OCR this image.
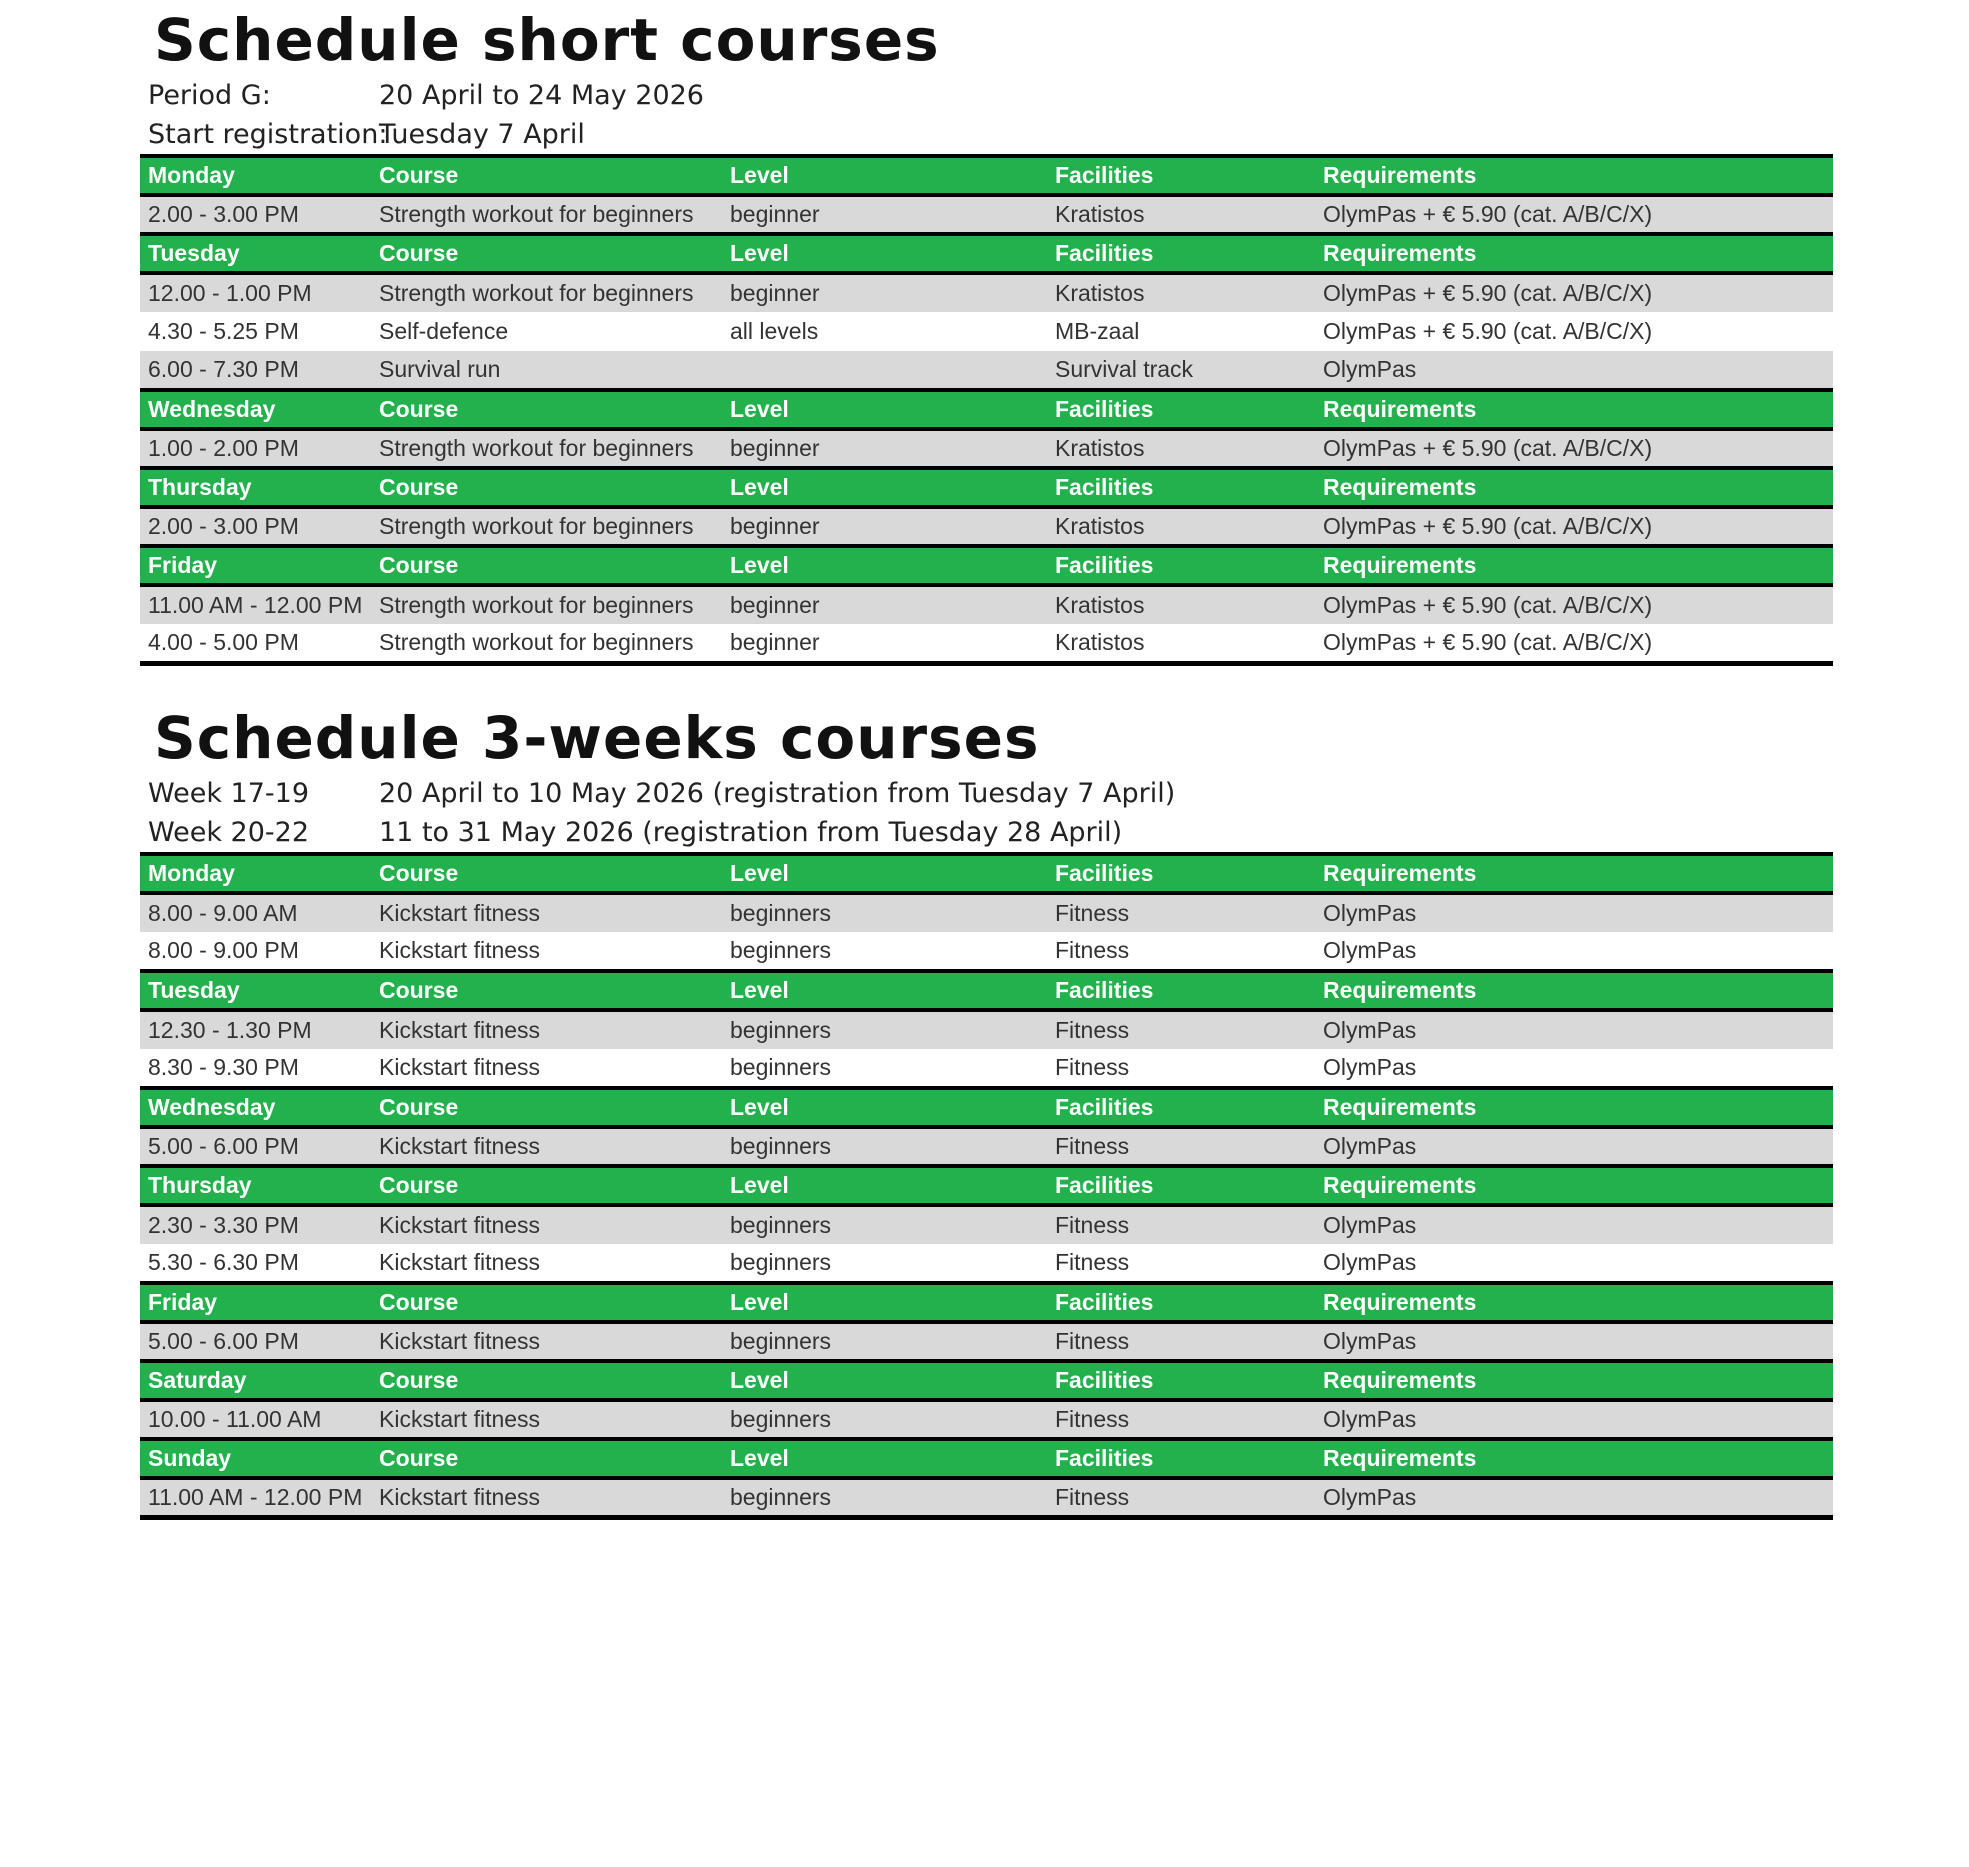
Schedule short courses
Period G:	20 April to 24 May 2026
Start registration:
Tuesday 7 April
Monday	Course	Level	Facilities	Requirements
2.00 - 3.00 PM	Strength workout for beginners	beginner	Kratistos	OlymPas + € 5.90 (cat. A/B/C/X)
Tuesday	Course	Level	Facilities	Requirements
12.00 - 1.00 PM	Strength workout for beginners	beginner	Kratistos	OlymPas + € 5.90 (cat. A/B/C/X)
4.30 - 5.25 PM	Self-defence	all levels	MB-zaal	OlymPas + € 5.90 (cat. A/B/C/X)
6.00 - 7.30 PM	Survival run		Survival track	OlymPas
Wednesday	Course	Level	Facilities	Requirements
1.00 - 2.00 PM	Strength workout for beginners	beginner	Kratistos	OlymPas + € 5.90 (cat. A/B/C/X)
Thursday	Course	Level	Facilities	Requirements
2.00 - 3.00 PM	Strength workout for beginners	beginner	Kratistos	OlymPas + € 5.90 (cat. A/B/C/X)
Friday	Course	Level	Facilities	Requirements
11.00 AM - 12.00 PM	Strength workout for beginners	beginner	Kratistos	OlymPas + € 5.90 (cat. A/B/C/X)
4.00 - 5.00 PM	Strength workout for beginners	beginner	Kratistos	OlymPas + € 5.90 (cat. A/B/C/X)
Schedule 3-weeks courses
Week 17-19	20 April to 10 May 2026 (registration from Tuesday 7 April)
Week 20-22	11 to 31 May 2026 (registration from Tuesday 28 April)
Monday	Course	Level	Facilities	Requirements
8.00 - 9.00 AM	Kickstart fitness	beginners	Fitness	OlymPas
8.00 - 9.00 PM	Kickstart fitness	beginners	Fitness	OlymPas
Tuesday	Course	Level	Facilities	Requirements
12.30 - 1.30 PM	Kickstart fitness	beginners	Fitness	OlymPas
8.30 - 9.30 PM	Kickstart fitness	beginners	Fitness	OlymPas
Wednesday	Course	Level	Facilities	Requirements
5.00 - 6.00 PM	Kickstart fitness	beginners	Fitness	OlymPas
Thursday	Course	Level	Facilities	Requirements
2.30 - 3.30 PM	Kickstart fitness	beginners	Fitness	OlymPas
5.30 - 6.30 PM	Kickstart fitness	beginners	Fitness	OlymPas
Friday	Course	Level	Facilities	Requirements
5.00 - 6.00 PM	Kickstart fitness	beginners	Fitness	OlymPas
Saturday	Course	Level	Facilities	Requirements
10.00 - 11.00 AM	Kickstart fitness	beginners	Fitness	OlymPas
Sunday	Course	Level	Facilities	Requirements
11.00 AM - 12.00 PM	Kickstart fitness	beginners	Fitness	OlymPas
